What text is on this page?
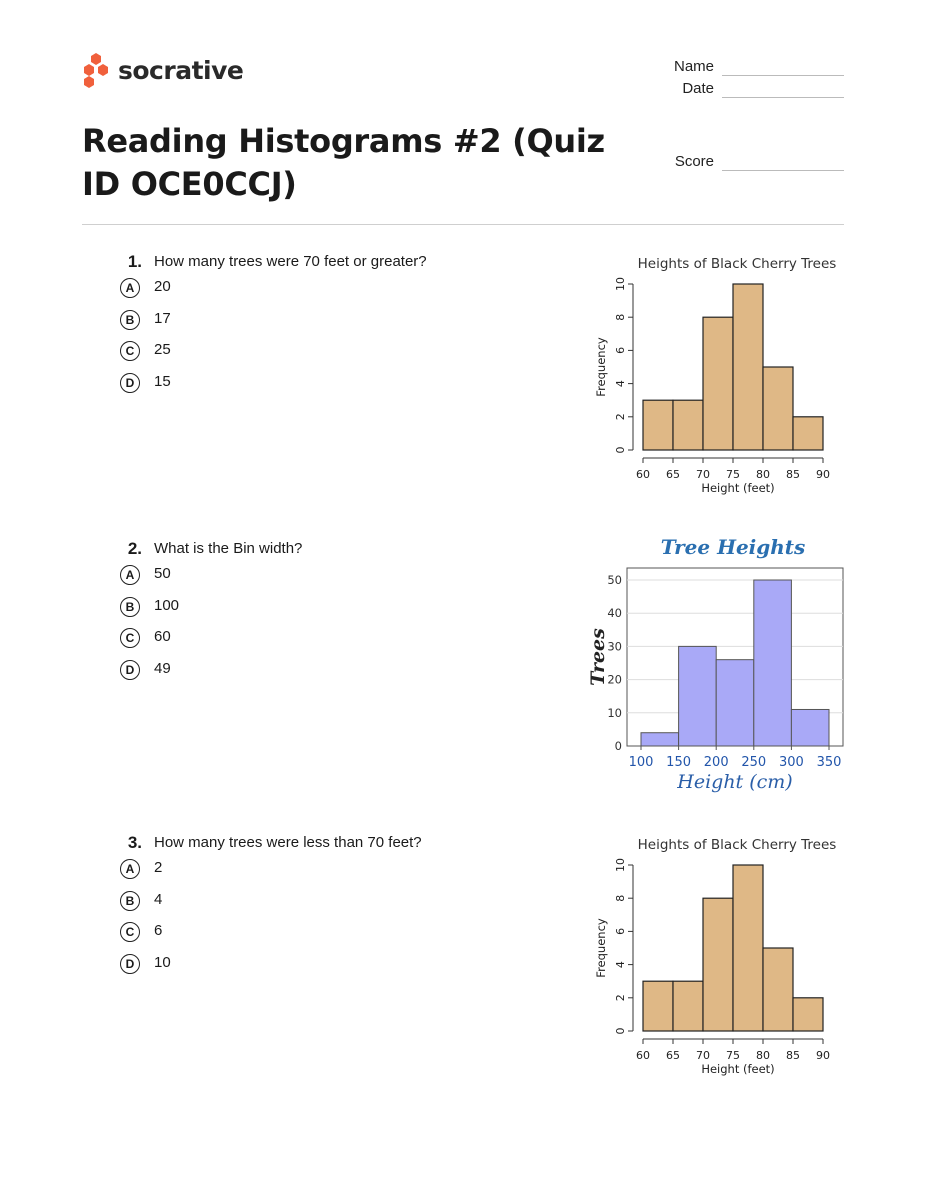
socrative	Name
Date
Score
Reading Histograms #2 (Quiz ID OCE0CCJ)
1. How many trees were 70 feet or greater?
A	20
B	17
C	25
D	15
2. What is the Bin width?
A	50
B	100
C	60
D	49
3. How many trees were less than 70 feet?
A	2
B	4
C	6
D	10
Heights of Black Cherry Trees
60 65 70 75 80 85 90
Height (feet)
0
2
4
6
8
10
Frequency
Tree Heights
0
10
20
30
40
50
100 150 200 250 300 350
Height (cm)
Trees
Heights of Black Cherry Trees
60 65 70 75 80 85 90
Height (feet)
0
2
4
6
8
10
Frequency
